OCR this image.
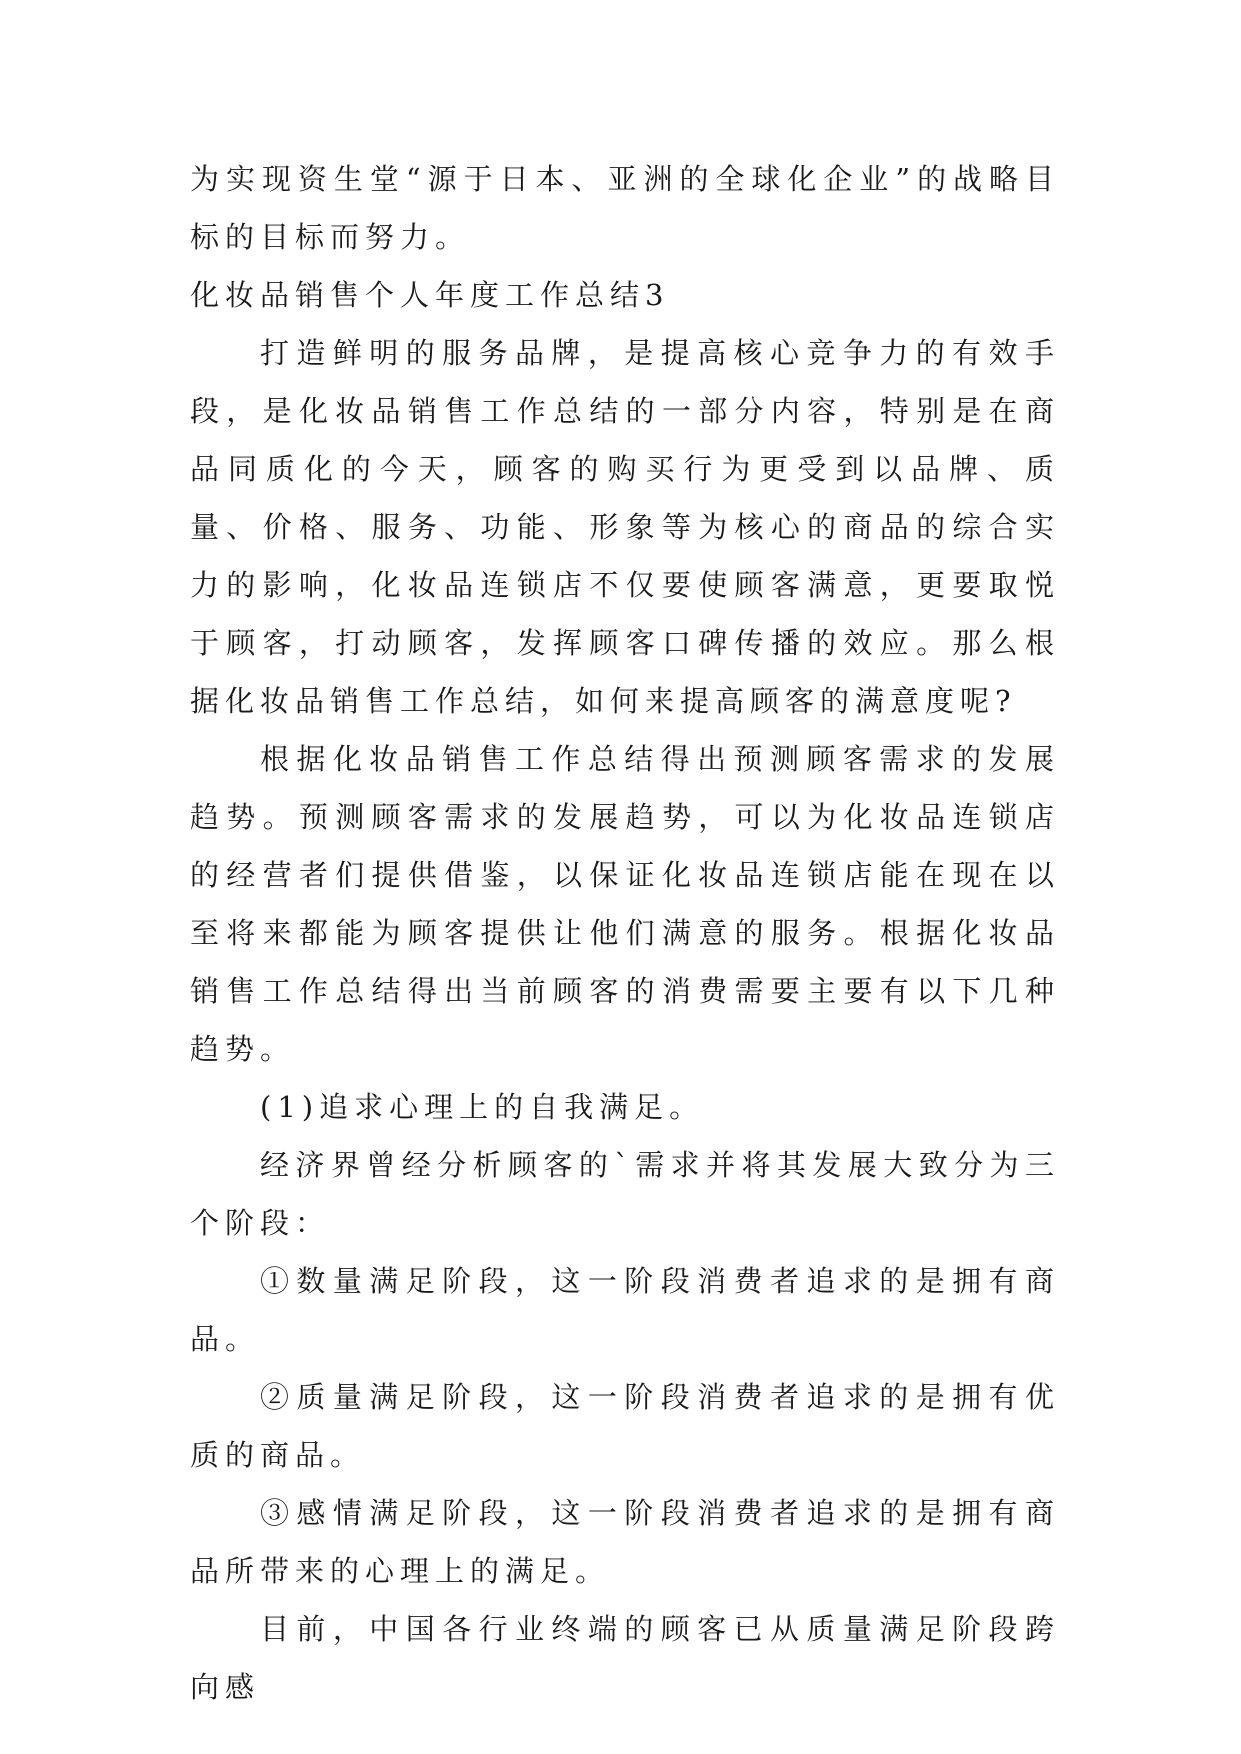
为实现资生堂“源于日本、亚洲的全球化企业”的战略目标的目标而努力。

化妆品销售个人年度工作总结3

打造鲜明的服务品牌，是提高核心竞争力的有效手段，是化妆品销售工作总结的一部分内容，特别是在商品同质化的今天，顾客的购买行为更受到以品牌、质量、价格、服务、功能、形象等为核心的商品的综合实力的影响，化妆品连锁店不仅要使顾客满意，更要取悦于顾客，打动顾客，发挥顾客口碑传播的效应。那么根据化妆品销售工作总结，如何来提高顾客的满意度呢?

根据化妆品销售工作总结得出预测顾客需求的发展趋势。预测顾客需求的发展趋势，可以为化妆品连锁店的经营者们提供借鉴，以保证化妆品连锁店能在现在以至将来都能为顾客提供让他们满意的服务。根据化妆品销售工作总结得出当前顾客的消费需要主要有以下几种趋势。

(1)追求心理上的自我满足。

经济界曾经分析顾客的`需求并将其发展大致分为三个阶段：

①数量满足阶段，这一阶段消费者追求的是拥有商品。

②质量满足阶段，这一阶段消费者追求的是拥有优质的商品。

③感情满足阶段，这一阶段消费者追求的是拥有商品所带来的心理上的满足。

目前，中国各行业终端的顾客已从质量满足阶段跨向感
